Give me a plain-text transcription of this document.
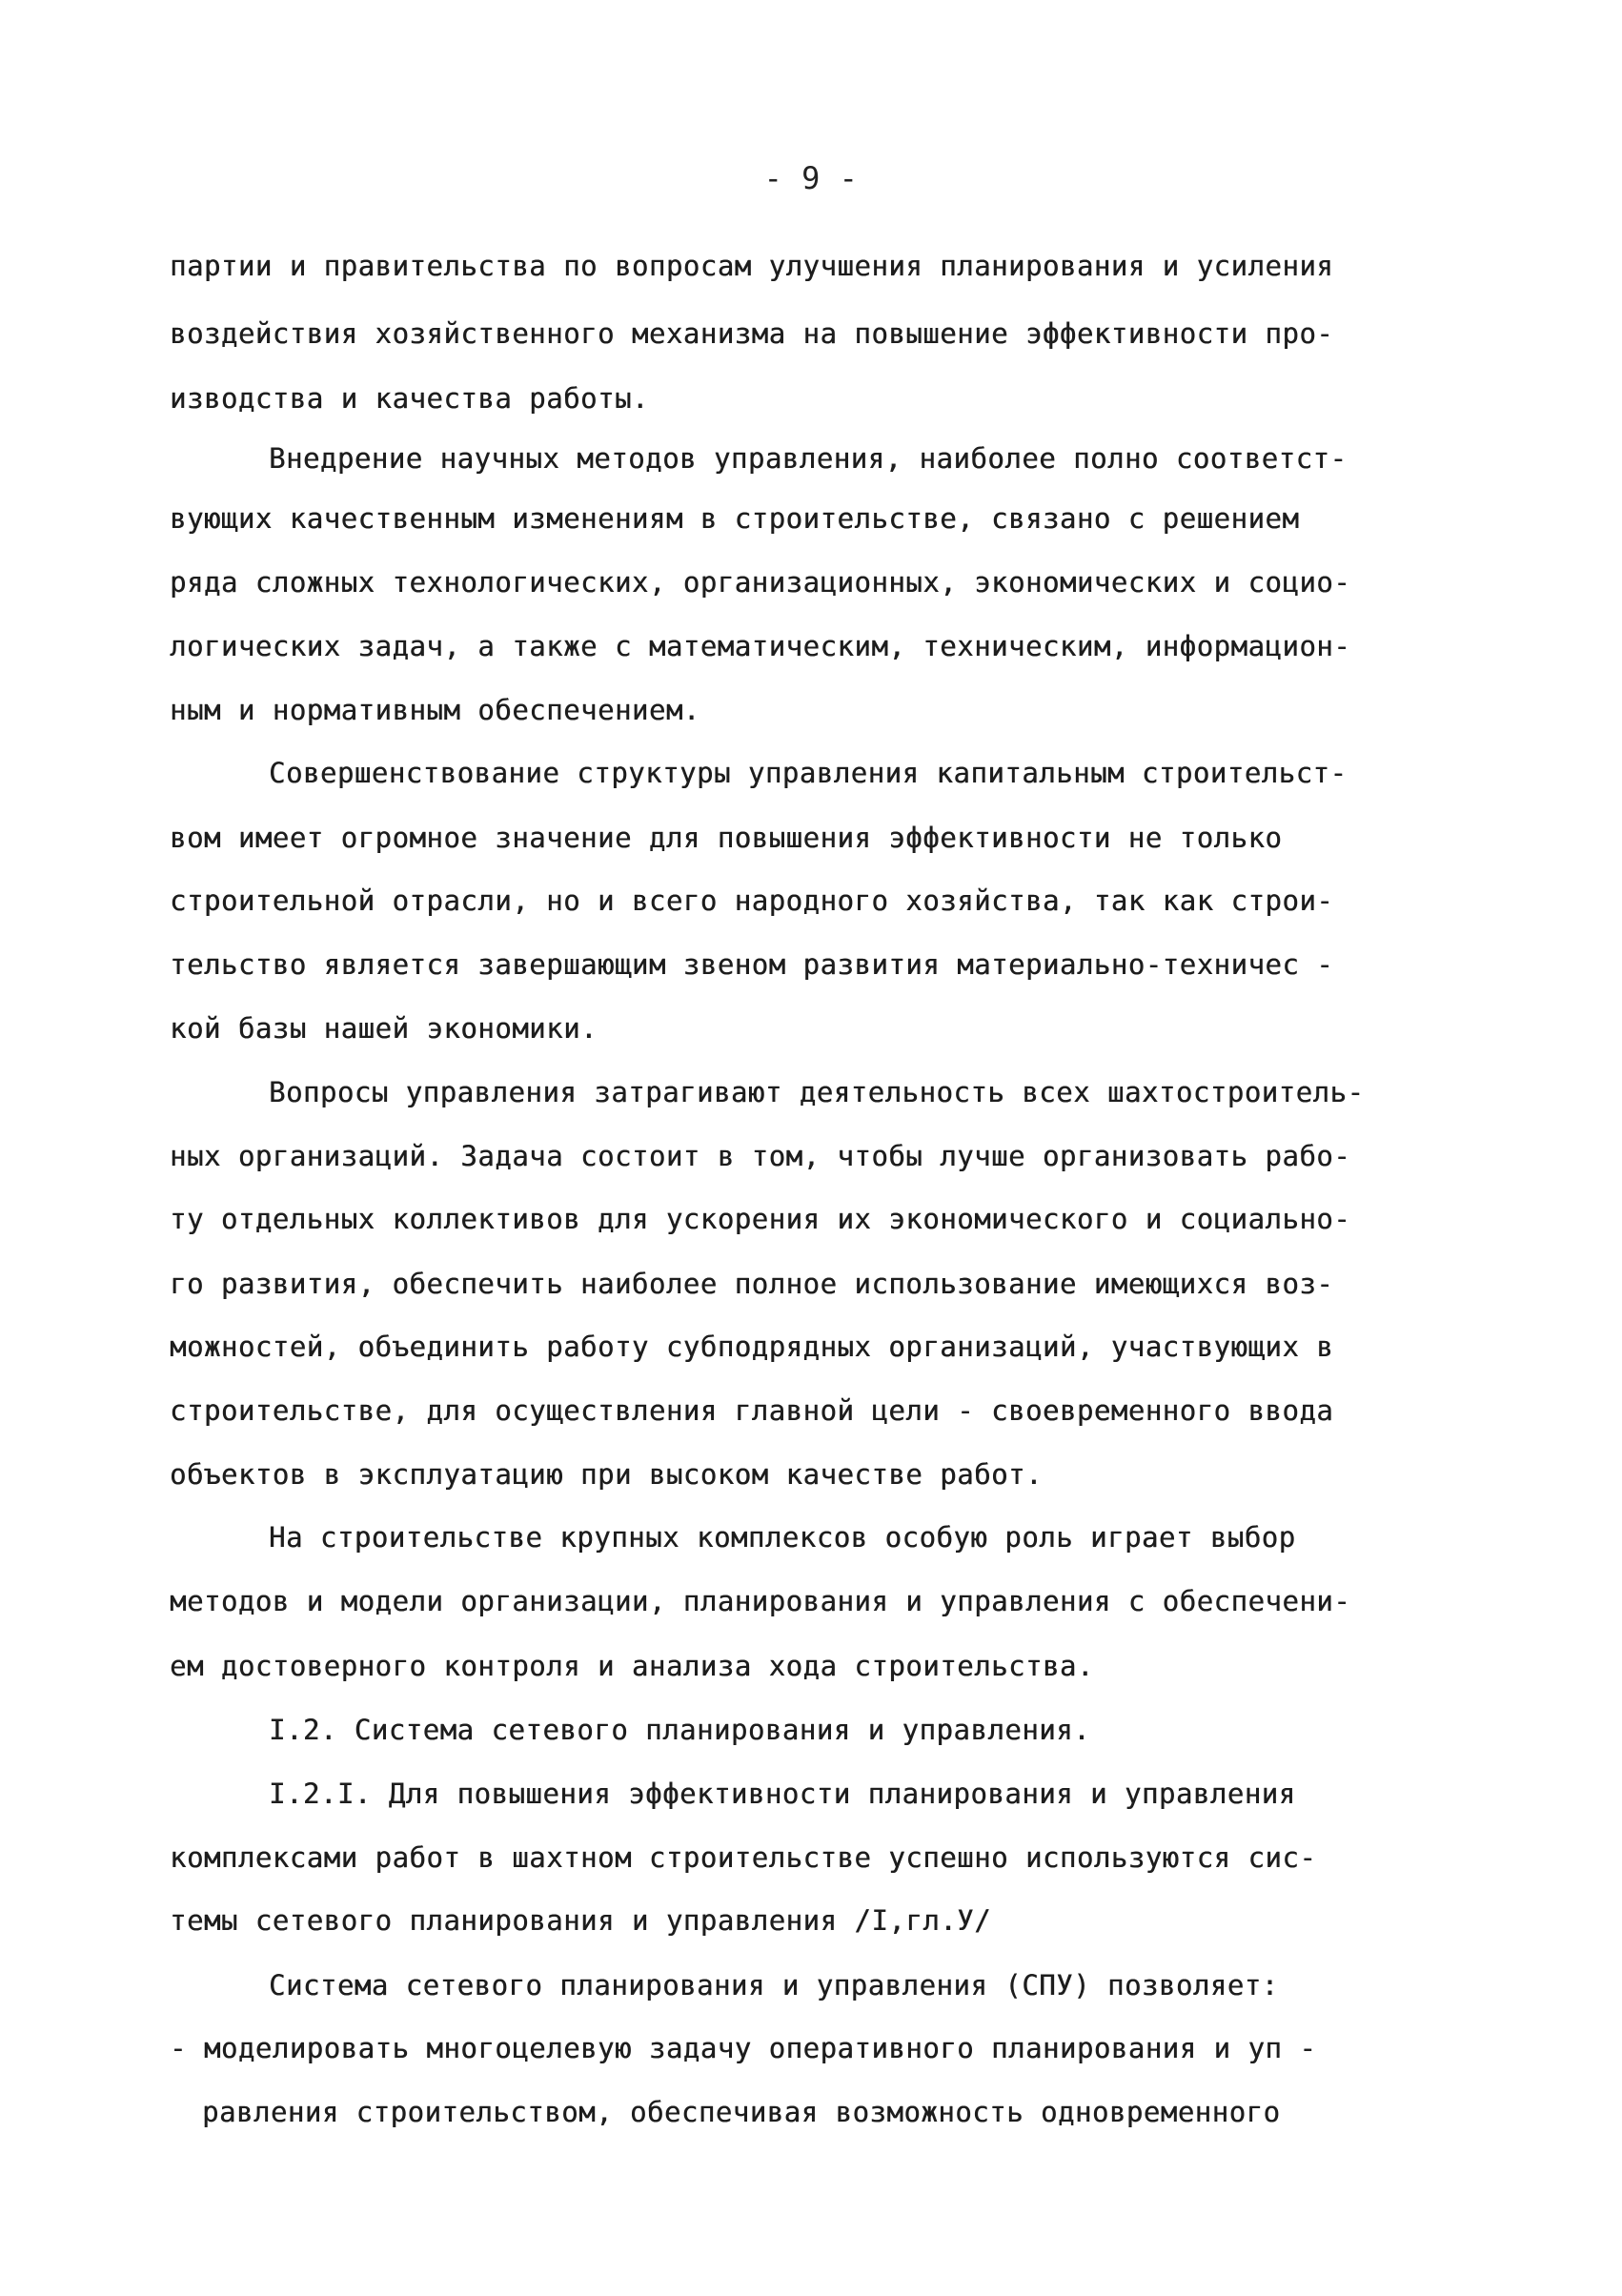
- 9 -
партии и правительства по вопросам улучшения планирования и усиления
воздействия хозяйственного механизма на повышение эффективности про-
изводства и качества работы.
Внедрение научных методов управления, наиболее полно соответст-
вующих качественным изменениям в строительстве, связано с решением
ряда сложных технологических, организационных, экономических и социо-
логических задач, а также с математическим, техническим, информацион-
ным и нормативным обеспечением.
Совершенствование структуры управления капитальным строительст-
вом имеет огромное значение для повышения эффективности не только
строительной отрасли, но и всего народного хозяйства, так как строи-
тельство является завершающим звеном развития материально-техничес -
кой базы нашей экономики.
Вопросы управления затрагивают деятельность всех шахтостроитель-
ных организаций. Задача состоит в том, чтобы лучше организовать рабо-
ту отдельных коллективов для ускорения их экономического и социально-
го развития, обеспечить наиболее полное использование имеющихся воз-
можностей, объединить работу субподрядных организаций, участвующих в
строительстве, для осуществления главной цели - своевременного ввода
объектов в эксплуатацию при высоком качестве работ.
На строительстве крупных комплексов особую роль играет выбор
методов и модели организации, планирования и управления с обеспечени-
ем достоверного контроля и анализа хода строительства.
I.2. Система сетевого планирования и управления.
I.2.I. Для повышения эффективности планирования и управления
комплексами работ в шахтном строительстве успешно используются сис-
темы сетевого планирования и управления /I,гл.У/
Система сетевого планирования и управления (СПУ) позволяет:
- моделировать многоцелевую задачу оперативного планирования и уп -
равления строительством, обеспечивая возможность одновременного
